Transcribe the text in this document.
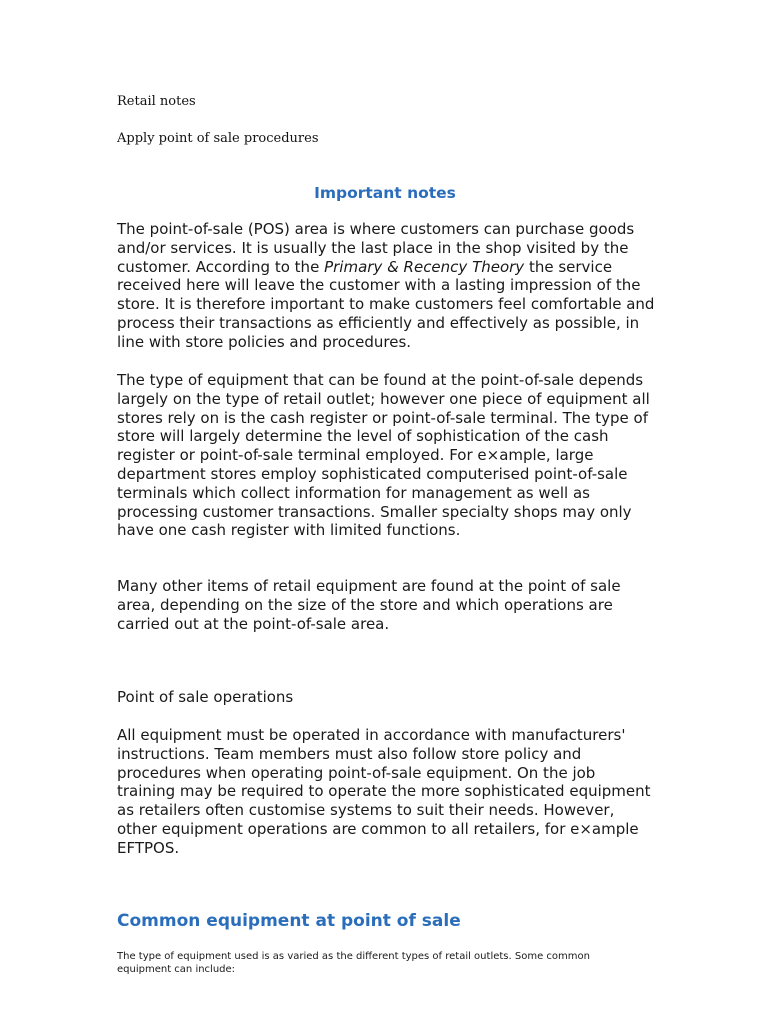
Retail notes

Apply point of sale procedures

Important notes

The point-of-sale (POS) area is where customers can purchase goods and/or services. It is usually the last place in the shop visited by the customer. According to the Primary & Recency Theory the service received here will leave the customer with a lasting impression of the store. It is therefore important to make customers feel comfortable and process their transactions as efficiently and effectively as possible, in line with store policies and procedures.

The type of equipment that can be found at the point-of-sale depends largely on the type of retail outlet; however one piece of equipment all stores rely on is the cash register or point-of-sale terminal. The type of store will largely determine the level of sophistication of the cash register or point-of-sale terminal employed. For e×ample, large department stores employ sophisticated computerised point-of-sale terminals which collect information for management as well as processing customer transactions. Smaller specialty shops may only have one cash register with limited functions.

Many other items of retail equipment are found at the point of sale area, depending on the size of the store and which operations are carried out at the point-of-sale area.

Point of sale operations

All equipment must be operated in accordance with manufacturers' instructions. Team members must also follow store policy and procedures when operating point-of-sale equipment. On the job training may be required to operate the more sophisticated equipment as retailers often customise systems to suit their needs. However, other equipment operations are common to all retailers, for e×ample EFTPOS.

Common equipment at point of sale

The type of equipment used is as varied as the different types of retail outlets. Some common equipment can include:
